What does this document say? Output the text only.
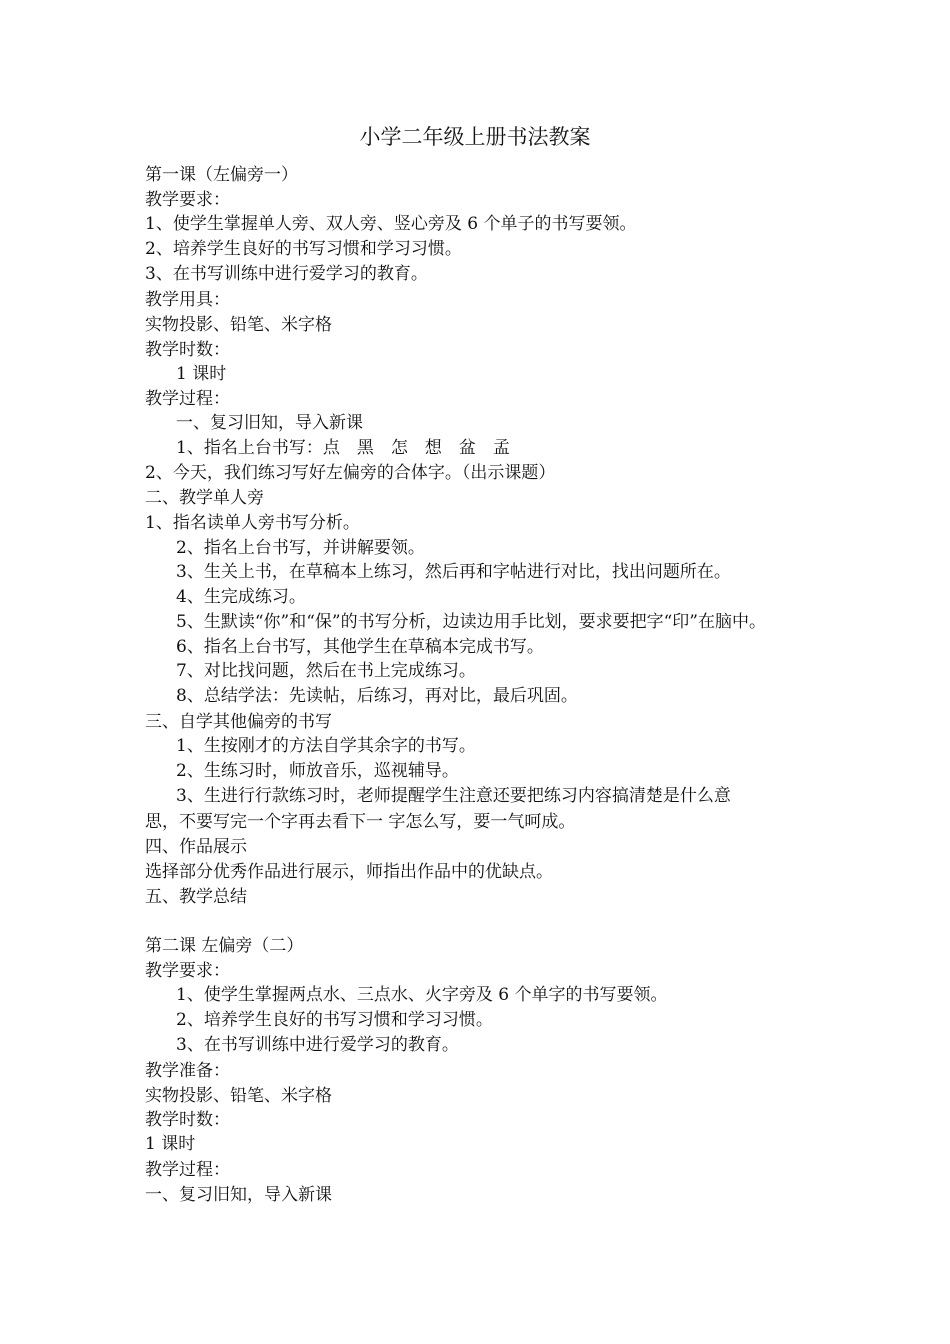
小学二年级上册书法教案
第一课（左偏旁一）
教学要求：
1、使学生掌握单人旁、双人旁、竖心旁及 6 个单子的书写要领。
2、培养学生良好的书写习惯和学习习惯。
3、在书写训练中进行爱学习的教育。
教学用具：
实物投影、铅笔、米字格
教学时数：
1 课时
教学过程：
一、复习旧知，导入新课
1、指名上台书写：点　黑　怎　想　盆　孟
2、今天，我们练习写好左偏旁的合体字。（出示课题）
二、教学单人旁
1、指名读单人旁书写分析。
2、指名上台书写，并讲解要领。
3、生关上书，在草稿本上练习，然后再和字帖进行对比，找出问题所在。
4、生完成练习。
5、生默读“你”和“保”的书写分析，边读边用手比划，要求要把字“印”在脑中。
6、指名上台书写，其他学生在草稿本完成书写。
7、对比找问题，然后在书上完成练习。
8、总结学法：先读帖，后练习，再对比，最后巩固。
三、自学其他偏旁的书写
1、生按刚才的方法自学其余字的书写。
2、生练习时，师放音乐，巡视辅导。
3、生进行行款练习时，老师提醒学生注意还要把练习内容搞清楚是什么意
思，不要写完一个字再去看下一 字怎么写，要一气呵成。
四、作品展示
选择部分优秀作品进行展示，师指出作品中的优缺点。
五、教学总结
第二课 左偏旁（二）
教学要求：
1、使学生掌握两点水、三点水、火字旁及 6 个单字的书写要领。
2、培养学生良好的书写习惯和学习习惯。
3、在书写训练中进行爱学习的教育。
教学准备：
实物投影、铅笔、米字格
教学时数：
1 课时
教学过程：
一、复习旧知，导入新课
